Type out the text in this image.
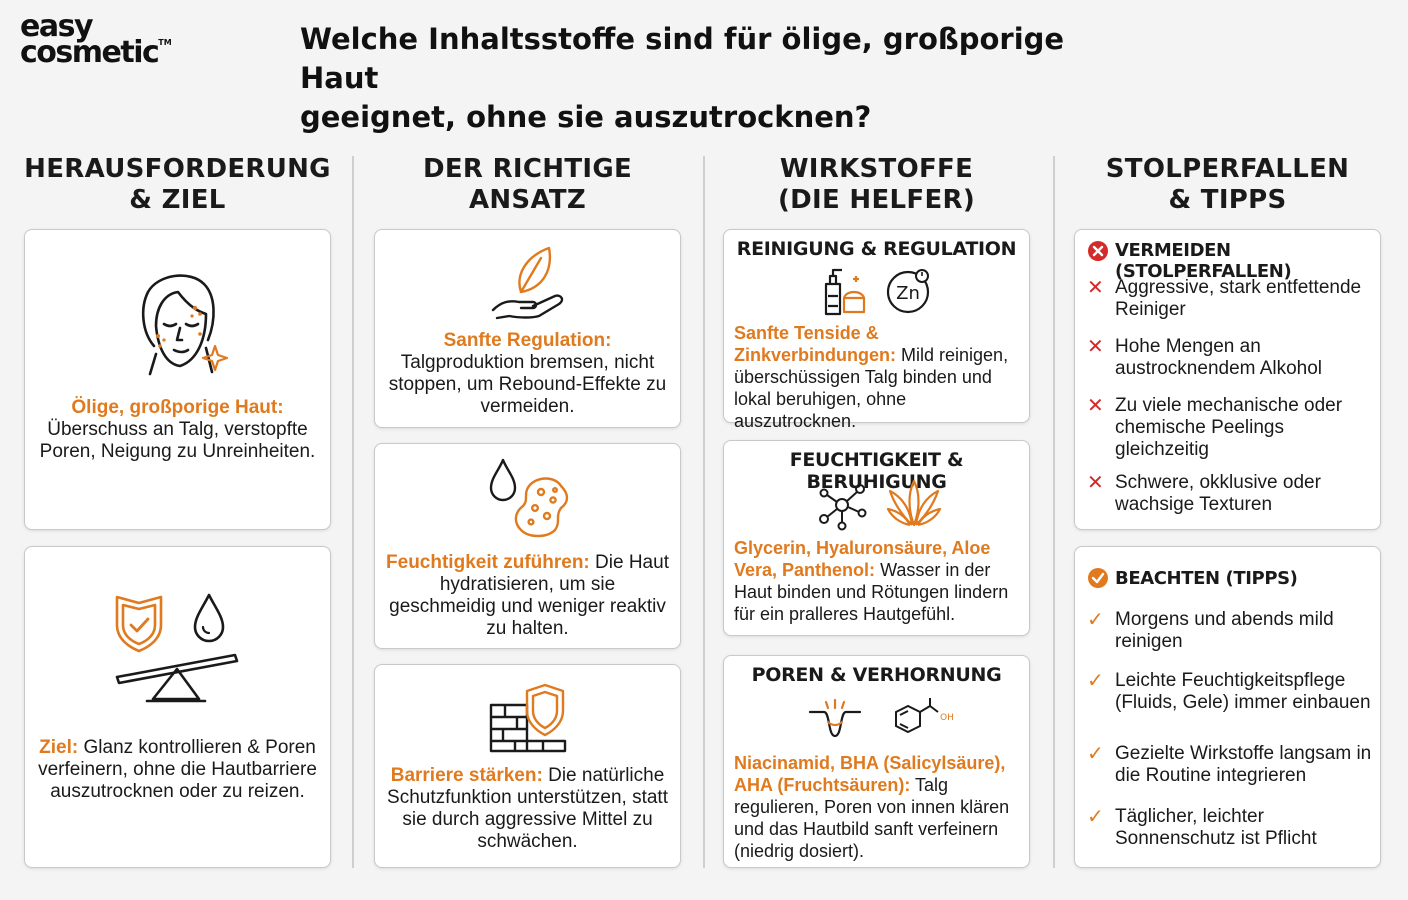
easy
cosmetic™	Welche Inhaltsstoffe sind für ölige, großporige Haut
geeignet, ohne sie auszutrocknen?
HERAUSFORDERUNG
& ZIEL
DER RICHTIGE
ANSATZ
WIRKSTOFFE
(DIE HELFER)
STOLPERFALLEN
& TIPPS
Ölige, großporige Haut: Überschuss an Talg, verstopfte Poren, Neigung zu Unreinheiten.
Ziel: Glanz kontrollieren & Poren verfeinern, ohne die Hautbarriere auszutrocknen oder zu reizen.
Sanfte Regulation:
Talgproduktion bremsen, nicht stoppen, um Rebound-Effekte zu vermeiden.
Feuchtigkeit zuführen: Die Haut hydratisieren, um sie geschmeidig und weniger reaktiv zu halten.
Barriere stärken: Die natürliche Schutzfunktion unterstützen, statt sie durch aggressive Mittel zu schwächen.
REINIGUNG & REGULATION
Zn
Sanfte Tenside & Zinkverbindungen: Mild reinigen, überschüssigen Talg binden und lokal beruhigen, ohne auszutrocknen.
FEUCHTIGKEIT & BERUHIGUNG
Glycerin, Hyaluronsäure, Aloe Vera, Panthenol: Wasser in der Haut binden und Rötungen lindern für ein pralleres Hautgefühl.
POREN & VERHORNUNG
OH
Niacinamid, BHA (Salicylsäure), AHA (Fruchtsäuren): Talg regulieren, Poren von innen klären und das Hautbild sanft verfeinern (niedrig dosiert).
VERMEIDEN (STOLPERFALLEN)
✕ Aggressive, stark entfettende Reiniger
✕ Hohe Mengen an austrocknendem Alkohol
✕ Zu viele mechanische oder chemische Peelings gleichzeitig
✕ Schwere, okklusive oder wachsige Texturen
BEACHTEN (TIPPS)
✓ Morgens und abends mild reinigen
✓ Leichte Feuchtigkeitspflege (Fluids, Gele) immer einbauen
✓ Gezielte Wirkstoffe langsam in die Routine integrieren
✓ Täglicher, leichter Sonnenschutz ist Pflicht
